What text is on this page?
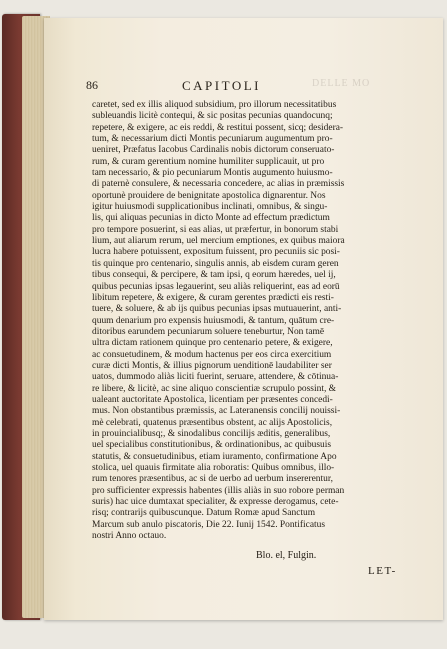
86	CAPITOLI	DELLE MO
caretet, sed ex illis aliquod subsidium, pro illorum necessitatibus
subleuandis licitè contequi, & sic positas pecunias quandocunq;
repetere, & exigere, ac eis reddi, & restitui possent, sicq; desidera-
tum, & necessarium dicti Montis pecuniarum augumentum pro-
ueniret, Præfatus Iacobus Cardinalis nobis dictorum conseruato-
rum, & curam gerentium nomine humiliter supplicauit, ut pro
tam necessario, & pio pecuniarum Montis augumento huiusmo-
di paternè consulere, & necessaria concedere, ac alias in præmissis
oportunè prouidere de benignitate apostolica dignarentur. Nos
igitur huiusmodi supplicationibus inclinati, omnibus, & singu-
lis, qui aliquas pecunias in dicto Monte ad effectum prædictum
pro tempore posuerint, si eas alias, ut præfertur, in bonorum stabi
lium, aut aliarum rerum, uel mercium emptiones, ex quibus maiora
lucra habere potuissent, expositum fuissent, pro pecuniis sic posi-
tis quinque pro centenario, singulis annis, ab eisdem curam geren
tibus consequi, & percipere, & tam ipsi, q eorum hæredes, uel ij,
quibus pecunias ipsas legauerint, seu aliàs reliquerint, eas ad eorū
libitum repetere, & exigere, & curam gerentes prædicti eis resti-
tuere, & soluere, & ab ijs quibus pecunias ipsas mutuauerint, anti-
quum denarium pro expensis huiusmodi, & tantum, quātum cre-
ditoribus earundem pecuniarum soluere teneburtur, Non tamē
ultra dictam rationem quinque pro centenario petere, & exigere,
ac consuetudinem, & modum hactenus per eos circa exercitium
curæ dicti Montis, & illius pignorum uenditionē laudabiliter ser
uatos, dummodo aliàs liciti fuerint, seruare, attendere, & cōtinua-
re libere, & licitè, ac sine aliquo conscientiæ scrupulo possint, &
ualeant auctoritate Apostolica, licentiam per præsentes concedi-
mus. Non obstantibus præmissis, ac Lateranensis concilij nouissi-
mè celebrati, quatenus præsentibus obstent, ac alijs Apostolicis,
in prouincialibusq;, & sinodalibus concilijs æditis, generalibus,
uel specialibus constitutionibus, & ordinationibus, ac quibusuis
statutis, & consuetudinibus, etiam iuramento, confirmatione Apo
stolica, uel quauis firmitate alia roboratis: Quibus omnibus, illo-
rum tenores præsentibus, ac si de uerbo ad uerbum insererentur,
pro sufficienter expressis habentes (illis aliàs in suo robore perman
suris) hac uice dumtaxat specialiter, & expresse derogamus, cete-
risq; contrarijs quibuscunque. Datum Romæ apud Sanctum
Marcum sub anulo piscatoris, Die 22. Iunij 1542. Pontificatus
nostri Anno octauo.
Blo. el, Fulgin.
LET-
